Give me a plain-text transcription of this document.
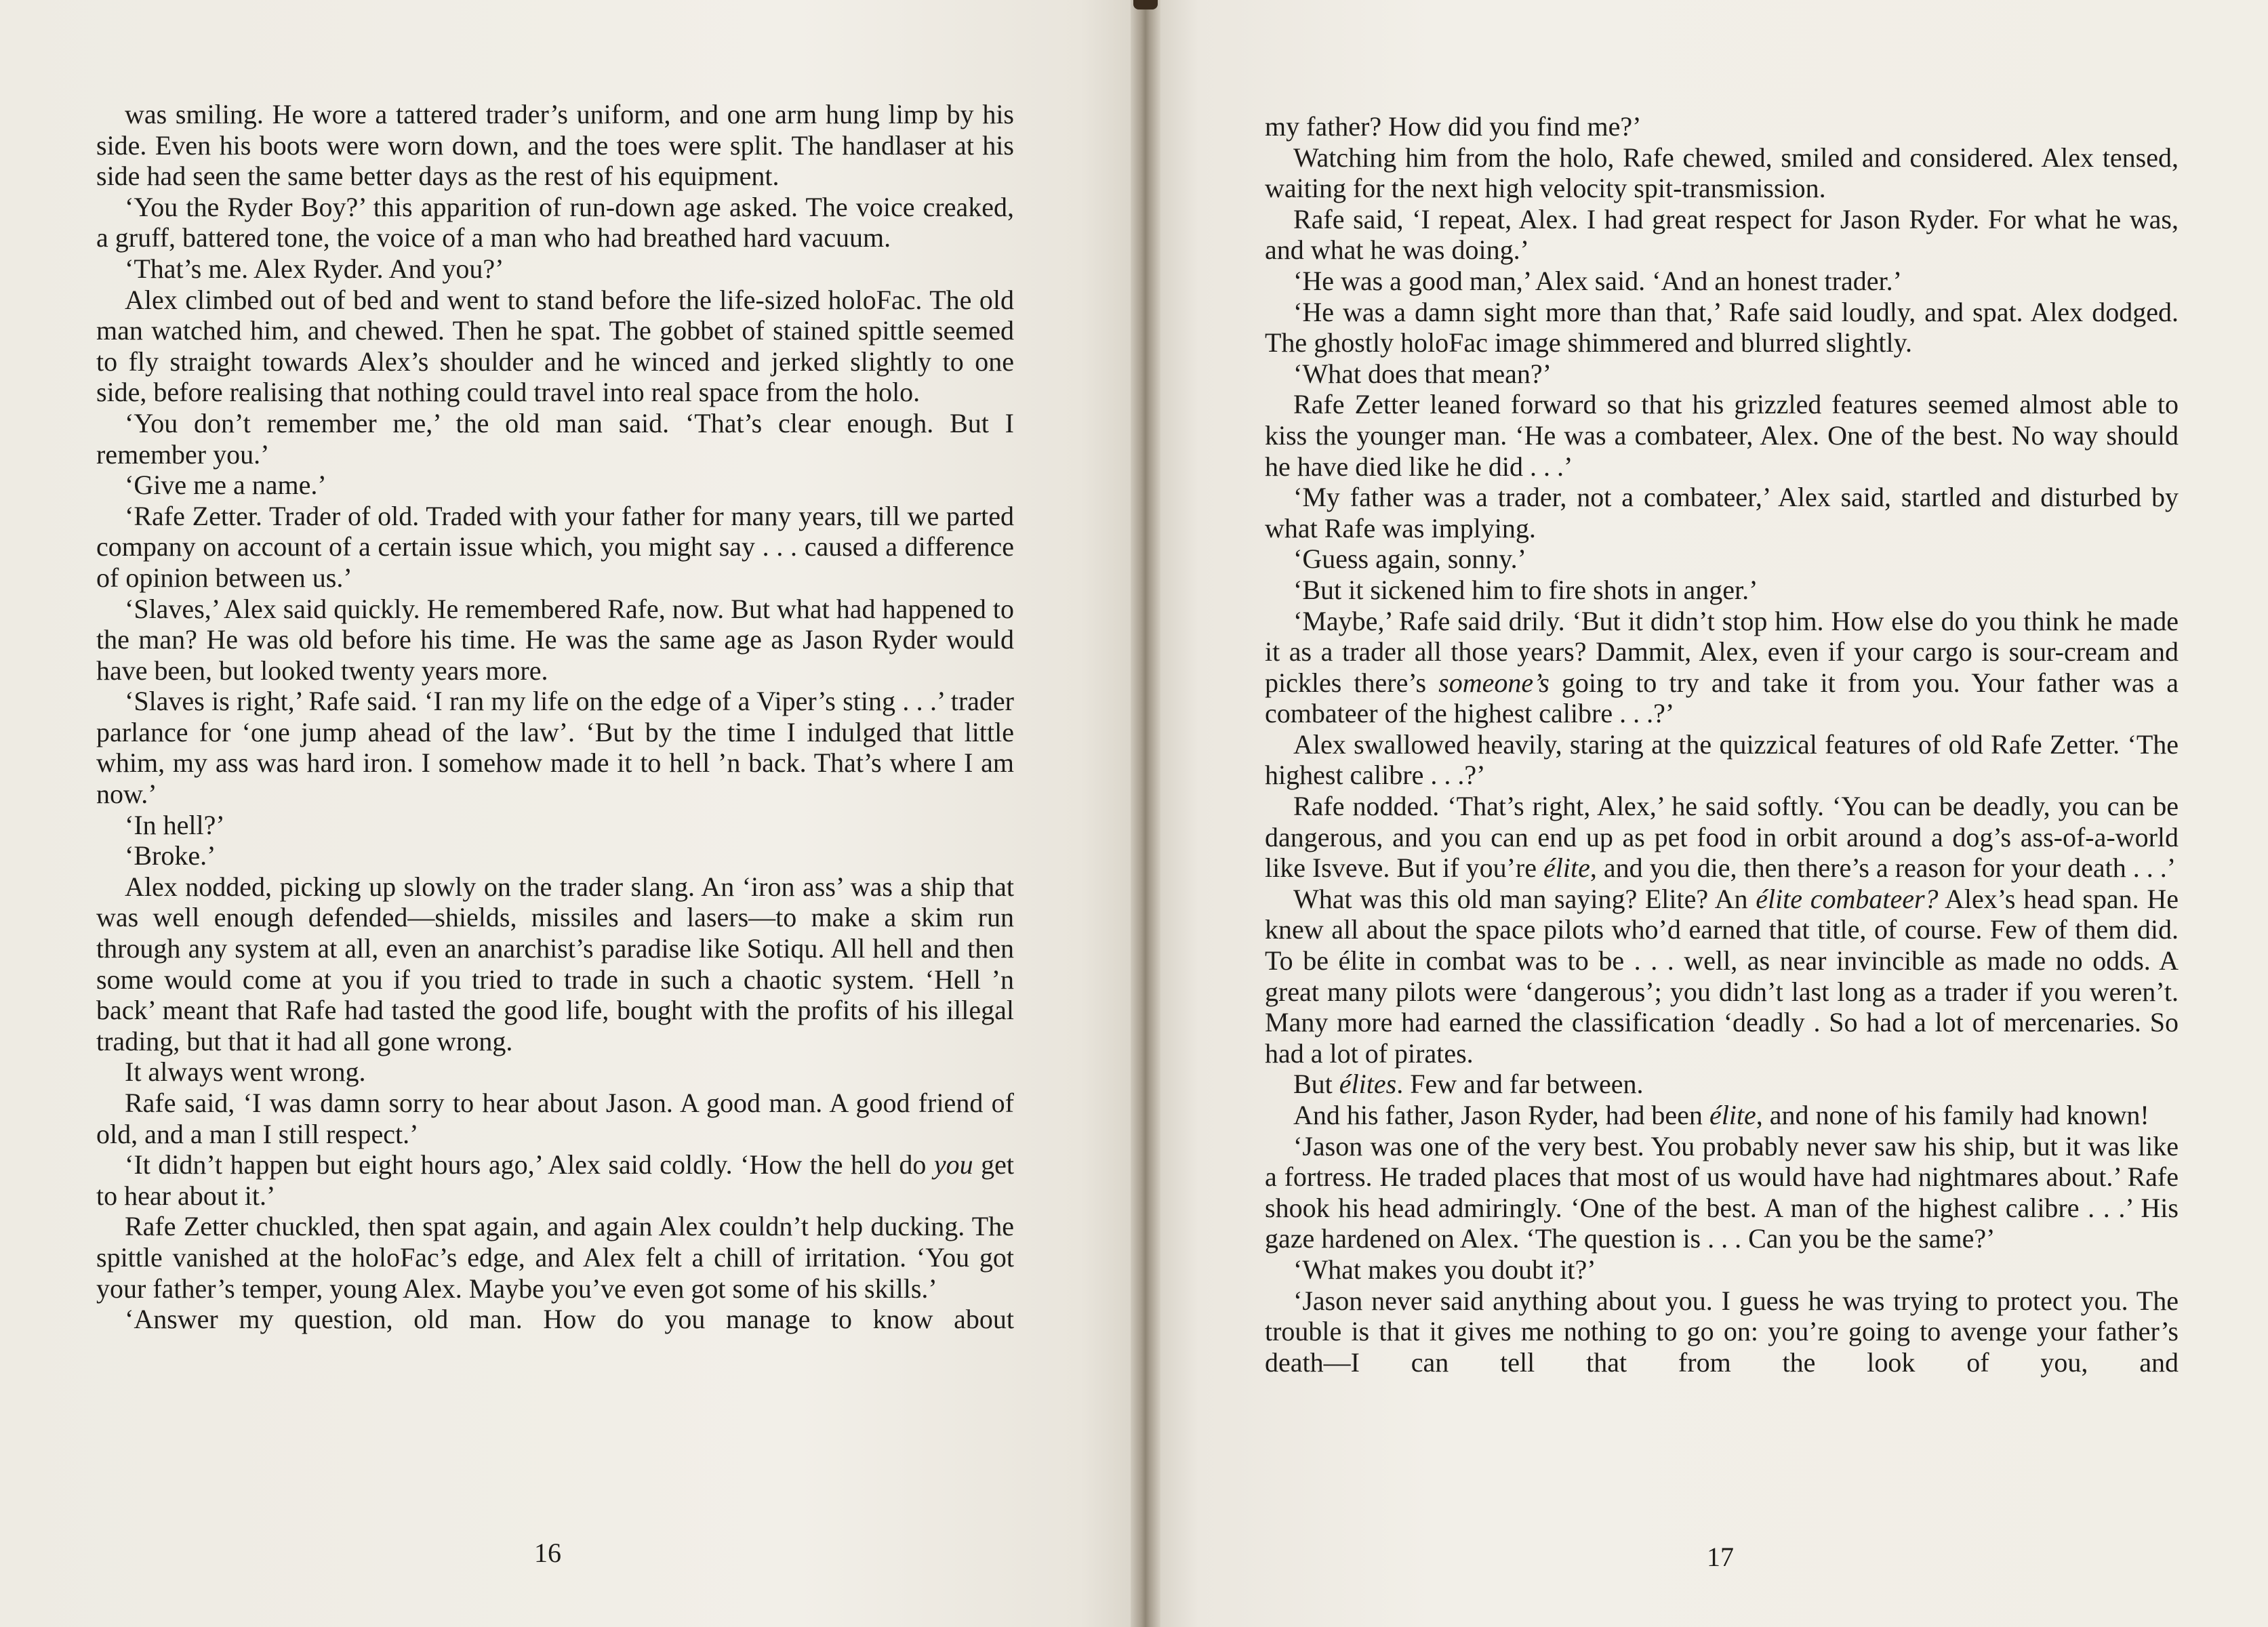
was smiling. He wore a tattered trader’s uniform, and one arm hung limp by his side. Even his boots were worn down, and the toes were split. The handlaser at his side had seen the same better days as the rest of his equipment.

‘You the Ryder Boy?’ this apparition of run-down age asked. The voice creaked, a gruff, battered tone, the voice of a man who had breathed hard vacuum.

‘That’s me. Alex Ryder. And you?’

Alex climbed out of bed and went to stand before the life-sized holoFac. The old man watched him, and chewed. Then he spat. The gobbet of stained spittle seemed to fly straight towards Alex’s shoulder and he winced and jerked slightly to one side, before realising that nothing could travel into real space from the holo.

‘You don’t remember me,’ the old man said. ‘That’s clear enough. But I remember you.’

‘Give me a name.’

‘Rafe Zetter. Trader of old. Traded with your father for many years, till we parted company on account of a certain issue which, you might say . . . caused a difference of opinion between us.’

‘Slaves,’ Alex said quickly. He remembered Rafe, now. But what had happened to the man? He was old before his time. He was the same age as Jason Ryder would have been, but looked twenty years more.

‘Slaves is right,’ Rafe said. ‘I ran my life on the edge of a Viper’s sting . . .’ trader parlance for ‘one jump ahead of the law’. ‘But by the time I indulged that little whim, my ass was hard iron. I somehow made it to hell ’n back. That’s where I am now.’

‘In hell?’

‘Broke.’

Alex nodded, picking up slowly on the trader slang. An ‘iron ass’ was a ship that was well enough defended—shields, missiles and lasers—to make a skim run through any system at all, even an anarchist’s paradise like Sotiqu. All hell and then some would come at you if you tried to trade in such a chaotic system. ‘Hell ’n back’ meant that Rafe had tasted the good life, bought with the profits of his illegal trading, but that it had all gone wrong.

It always went wrong.

Rafe said, ‘I was damn sorry to hear about Jason. A good man. A good friend of old, and a man I still respect.’

‘It didn’t happen but eight hours ago,’ Alex said coldly. ‘How the hell do you get to hear about it.’

Rafe Zetter chuckled, then spat again, and again Alex couldn’t help ducking. The spittle vanished at the holoFac’s edge, and Alex felt a chill of irritation. ‘You got your father’s temper, young Alex. Maybe you’ve even got some of his skills.’

‘Answer my question, old man. How do you manage to know about

my father? How did you find me?’

Watching him from the holo, Rafe chewed, smiled and considered. Alex tensed, waiting for the next high velocity spit-transmission.

Rafe said, ‘I repeat, Alex. I had great respect for Jason Ryder. For what he was, and what he was doing.’

‘He was a good man,’ Alex said. ‘And an honest trader.’

‘He was a damn sight more than that,’ Rafe said loudly, and spat. Alex dodged. The ghostly holoFac image shimmered and blurred slightly.

‘What does that mean?’

Rafe Zetter leaned forward so that his grizzled features seemed almost able to kiss the younger man. ‘He was a combateer, Alex. One of the best. No way should he have died like he did . . .’

‘My father was a trader, not a combateer,’ Alex said, startled and disturbed by what Rafe was implying.

‘Guess again, sonny.’

‘But it sickened him to fire shots in anger.’

‘Maybe,’ Rafe said drily. ‘But it didn’t stop him. How else do you think he made it as a trader all those years? Dammit, Alex, even if your cargo is sour-cream and pickles there’s someone’s going to try and take it from you. Your father was a combateer of the highest calibre . . .?’

Alex swallowed heavily, staring at the quizzical features of old Rafe Zetter. ‘The highest calibre . . .?’

Rafe nodded. ‘That’s right, Alex,’ he said softly. ‘You can be deadly, you can be dangerous, and you can end up as pet food in orbit around a dog’s ass-of-a-world like Isveve. But if you’re élite, and you die, then there’s a reason for your death . . .’

What was this old man saying? Elite? An élite combateer? Alex’s head span. He knew all about the space pilots who’d earned that title, of course. Few of them did. To be élite in combat was to be . . . well, as near invincible as made no odds. A great many pilots were ‘dangerous’; you didn’t last long as a trader if you weren’t. Many more had earned the classification ‘deadly . So had a lot of mercenaries. So had a lot of pirates.

But élites. Few and far between.

And his father, Jason Ryder, had been élite, and none of his family had known!

‘Jason was one of the very best. You probably never saw his ship, but it was like a fortress. He traded places that most of us would have had nightmares about.’ Rafe shook his head admiringly. ‘One of the best. A man of the highest calibre . . .’ His gaze hardened on Alex. ‘The question is . . . Can you be the same?’

‘What makes you doubt it?’

‘Jason never said anything about you. I guess he was trying to protect you. The trouble is that it gives me nothing to go on: you’re going to avenge your father’s death—I can tell that from the look of you, and

16	17
